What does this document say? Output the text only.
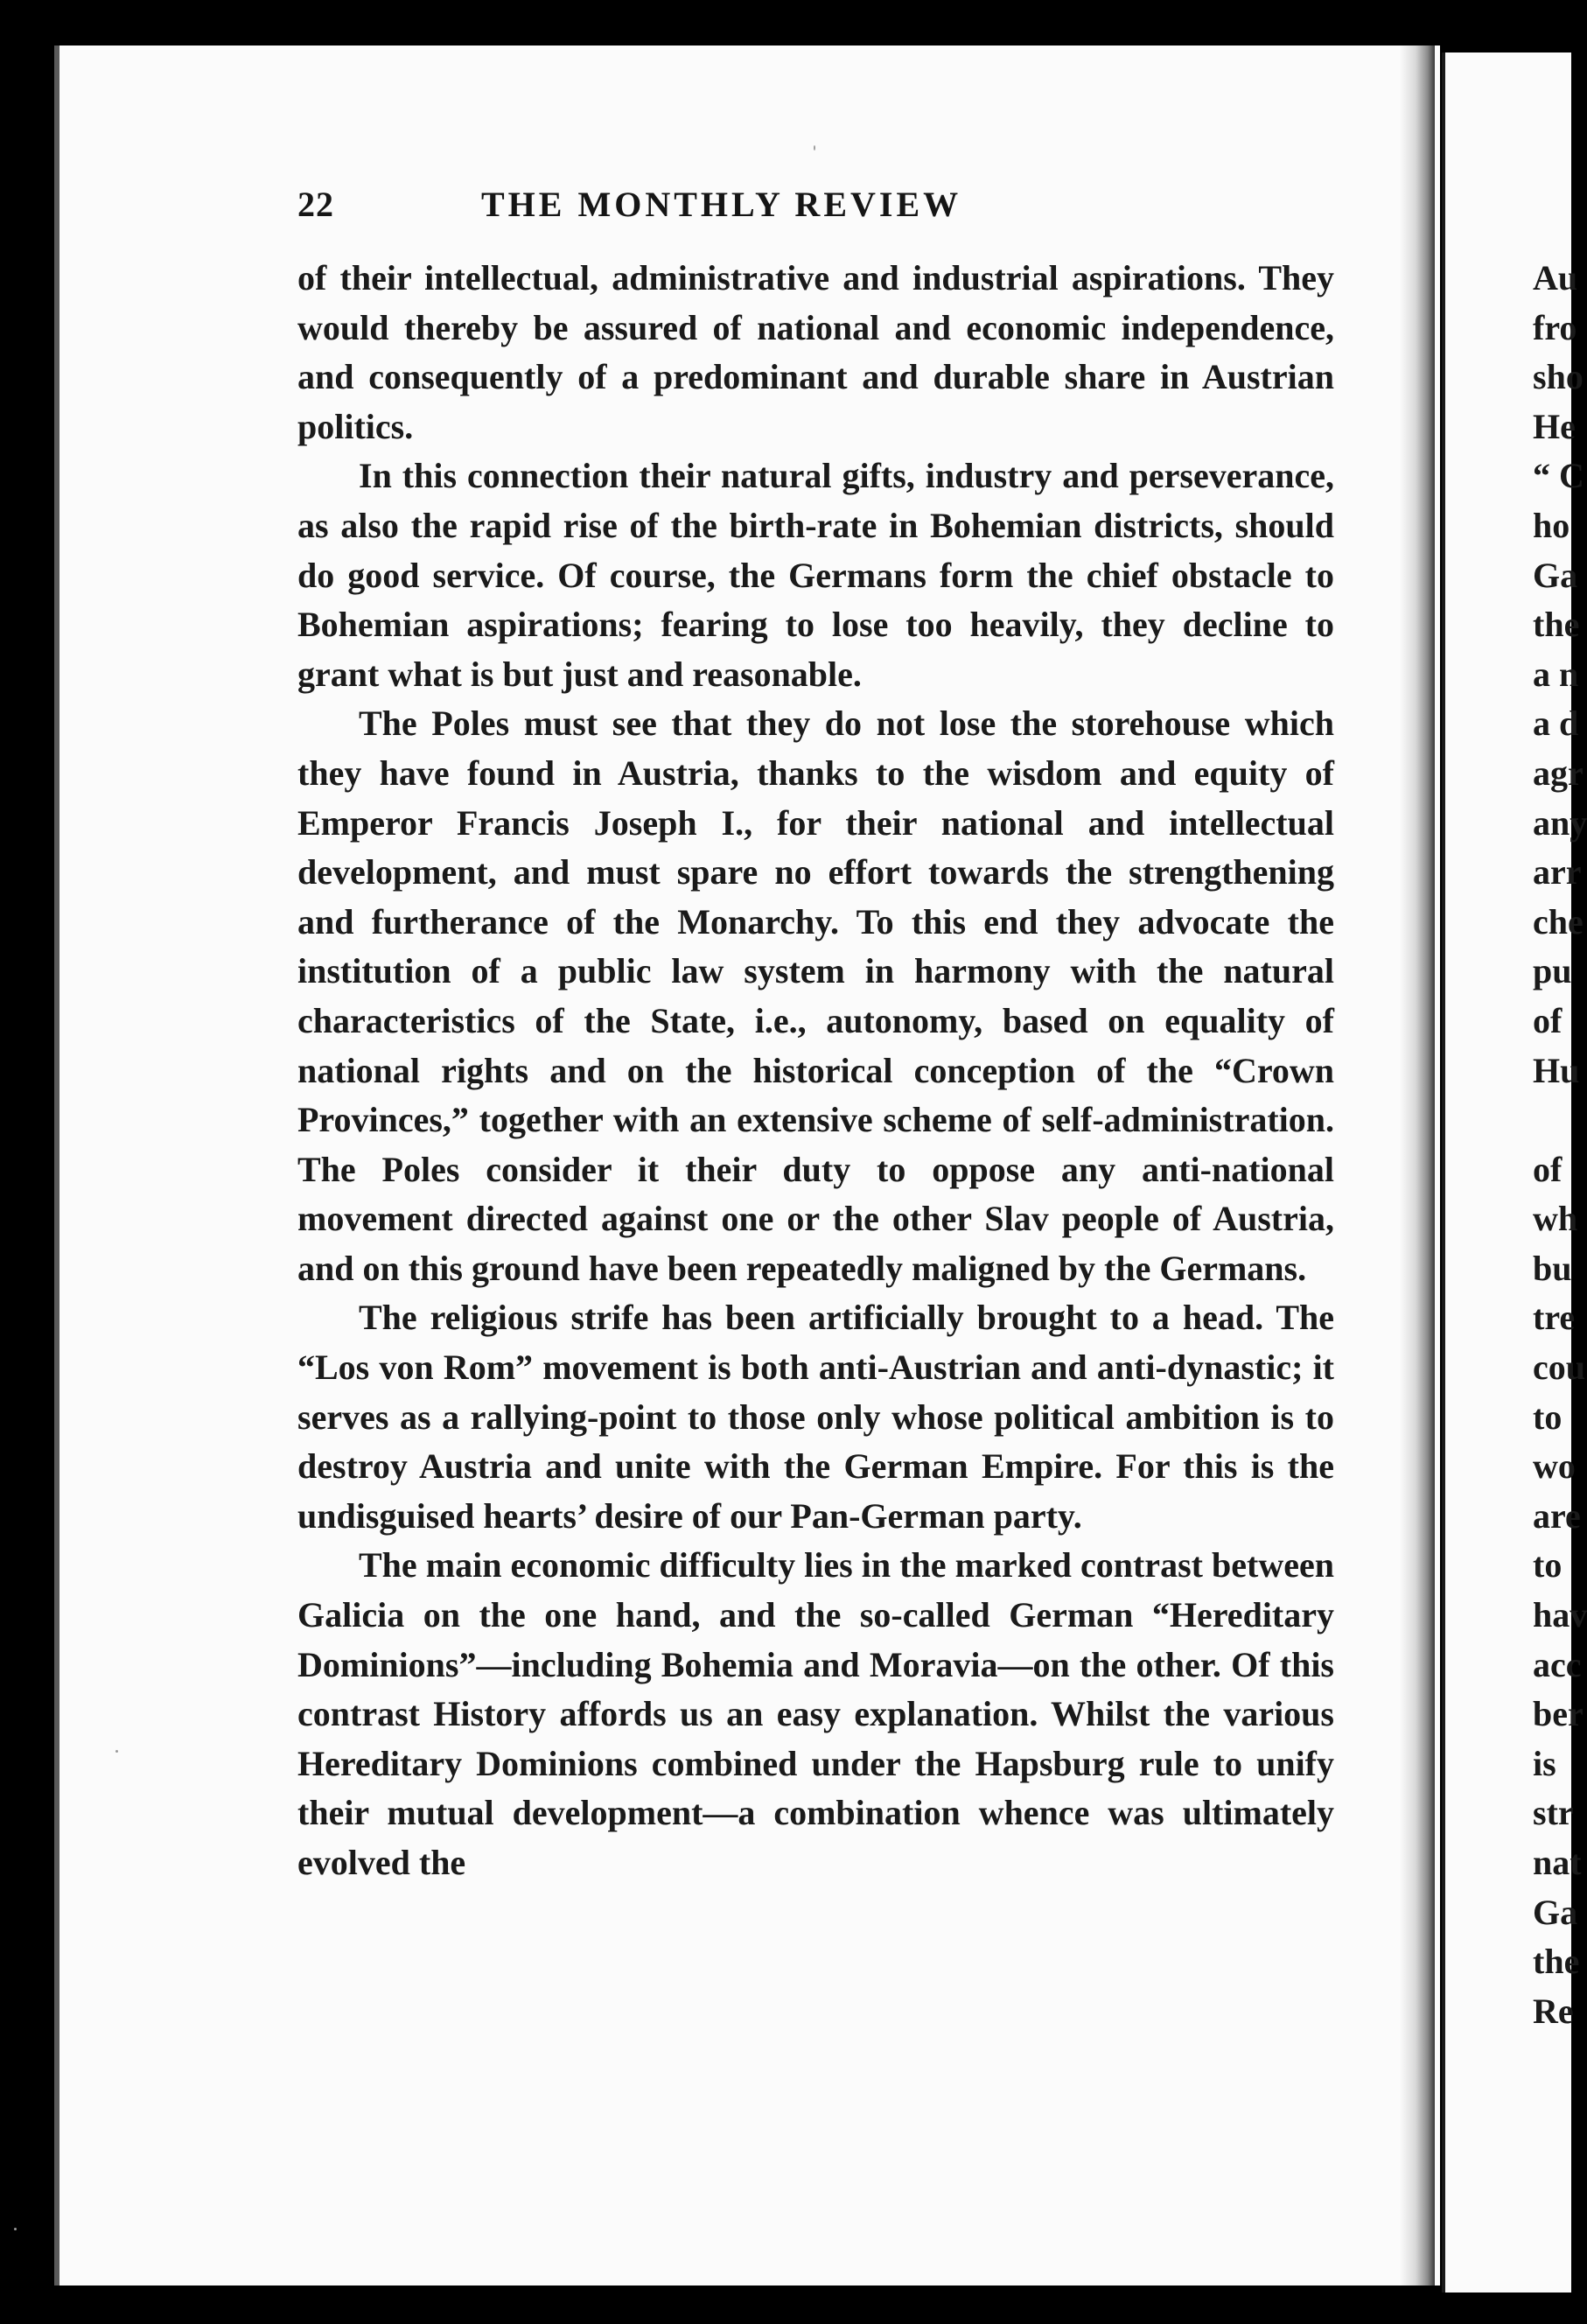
22	THE MONTHLY REVIEW

of their intellectual, administrative and industrial aspirations. They would thereby be assured of national and economic independence, and consequently of a predominant and durable share in Austrian politics.

In this connection their natural gifts, industry and perseverance, as also the rapid rise of the birth-rate in Bohemian districts, should do good service. Of course, the Germans form the chief obstacle to Bohemian aspirations; fearing to lose too heavily, they decline to grant what is but just and reasonable.

The Poles must see that they do not lose the storehouse which they have found in Austria, thanks to the wisdom and equity of Emperor Francis Joseph I., for their national and intellectual development, and must spare no effort towards the strengthening and furtherance of the Monarchy. To this end they advocate the institution of a public law system in harmony with the natural characteristics of the State, i.e., autonomy, based on equality of national rights and on the historical conception of the “Crown Provinces,” together with an extensive scheme of self-administration. The Poles consider it their duty to oppose any anti-national movement directed against one or the other Slav people of Austria, and on this ground have been repeatedly maligned by the Germans.

The religious strife has been artificially brought to a head. The “Los von Rom” movement is both anti-Austrian and anti-dynastic; it serves as a rallying-point to those only whose political ambition is to destroy Austria and unite with the German Empire. For this is the undisguised hearts’ desire of our Pan-German party.

The main economic difficulty lies in the marked contrast between Galicia on the one hand, and the so-called German “Hereditary Dominions”—including Bohemia and Moravia—on the other. Of this contrast History affords us an easy explanation. Whilst the various Hereditary Dominions combined under the Hapsburg rule to unify their mutual development—a combination whence was ultimately evolved the

Au
fro
sho
He
“ C
ho
Ga
the
a n
a d
agr
any
arr
che
pu
of
Hu
of
wh
bu
tre
cou
to
wo
are
to
hav
acc
ber
is
str
nat
Ga
the
Re
